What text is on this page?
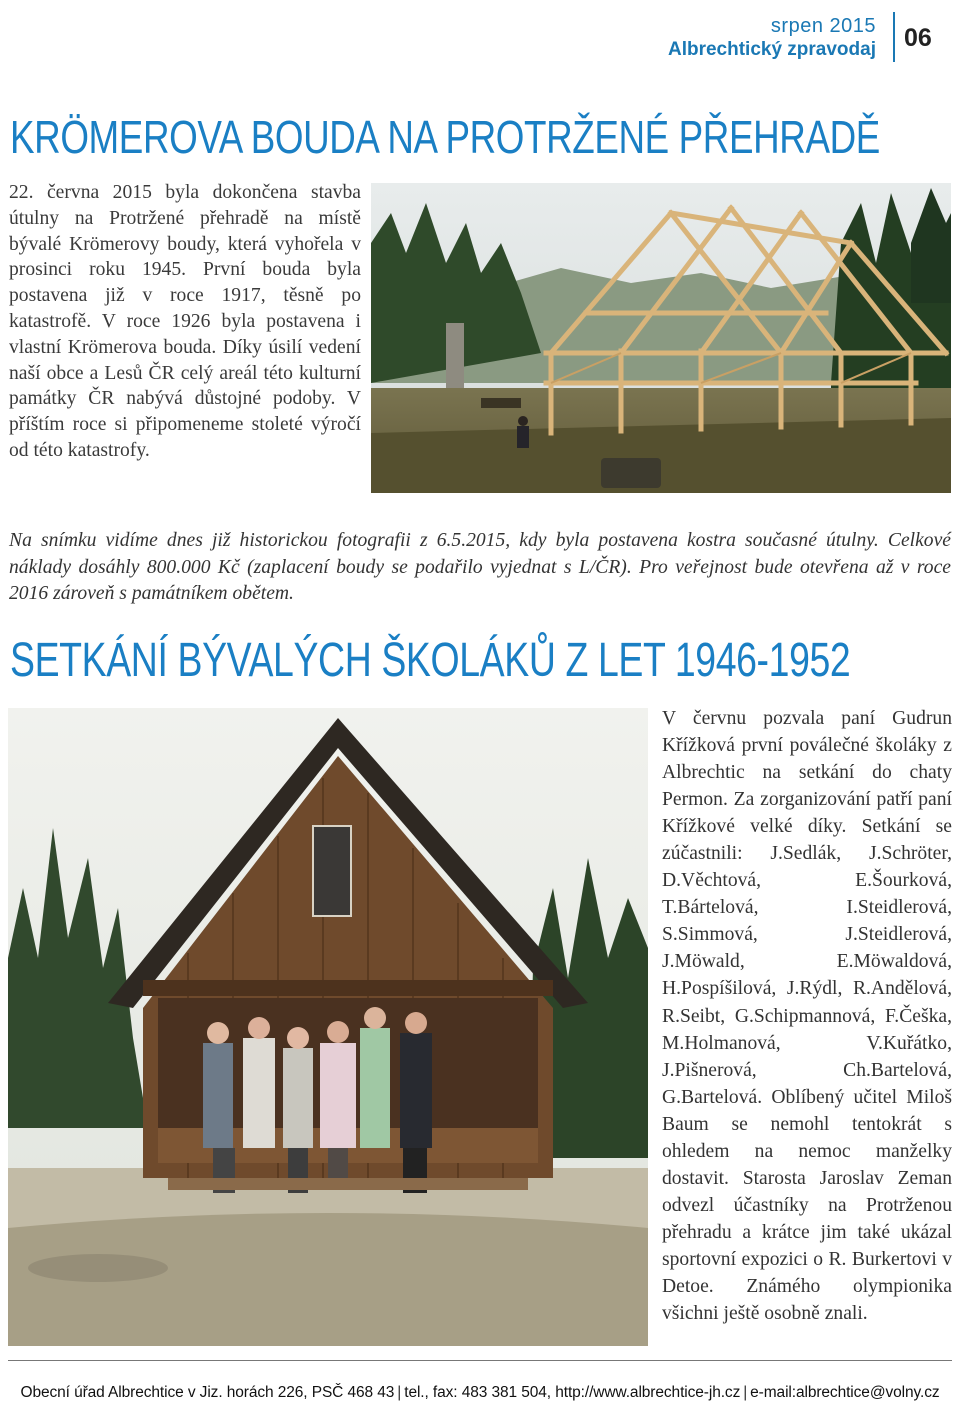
srpen 2015
Albrechtický zpravodaj 06
KRÖMEROVA BOUDA NA PROTRŽENÉ PŘEHRADĚ

22. června 2015 byla dokončena stavba útulny na Protržené přehradě na místě bývalé Krömerovy boudy, která vyhořela v prosinci roku 1945. První bouda byla postavena již v roce 1917, těsně po katastrofě. V roce 1926 byla postavena i vlastní Krömerova bouda. Díky úsilí vedení naší obce a Lesů ČR celý areál této kulturní památky ČR nabývá důstojné podoby. V příštím roce si připomeneme stoleté výročí od této katastrofy.

Na snímku vidíme dnes již historickou fotografii z 6.5.2015, kdy byla postavena kostra současné útulny. Celkové náklady dosáhly 800.000 Kč (zaplacení boudy se podařilo vyjednat s L/ČR). Pro veřejnost bude otevřena až v roce 2016 zároveň s památníkem obětem.

SETKÁNÍ BÝVALÝCH ŠKOLÁKŮ Z LET 1946-1952

V červnu pozvala paní Gudrun Křížková první poválečné školáky z Albrechtic na setkání do chaty Permon. Za zorganizování patří paní Křížkové velké díky. Setkání se zúčastnili: J.Sedlák, J.Schröter, D.Věchtová, E.Šourková, T.Bártelová, I.Steidlerová, S.Simmová, J.Steidlerová, J.Möwald, E.Möwaldová, H.Pospíšilová, J.Rýdl, R.Andělová, R.Seibt, G.Schipmannová, F.Češka, M.Holmanová, V.Kuřátko, J.Pišnerová, Ch.Bartelová, G.Bartelová. Oblíbený učitel Miloš Baum se nemohl tentokrát s ohledem na nemoc manželky dostavit. Starosta Jaroslav Zeman odvezl účastníky na Protrženou přehradu a krátce jim také ukázal sportovní expozici o R. Burkertovi v Detoe. Známého olympionika všichni ještě osobně znali.

Obecní úřad Albrechtice v Jiz. horách 226, PSČ 468 43 | tel., fax: 483 381 504, http://www.albrechtice-jh.cz | e-mail:albrechtice@volny.cz
